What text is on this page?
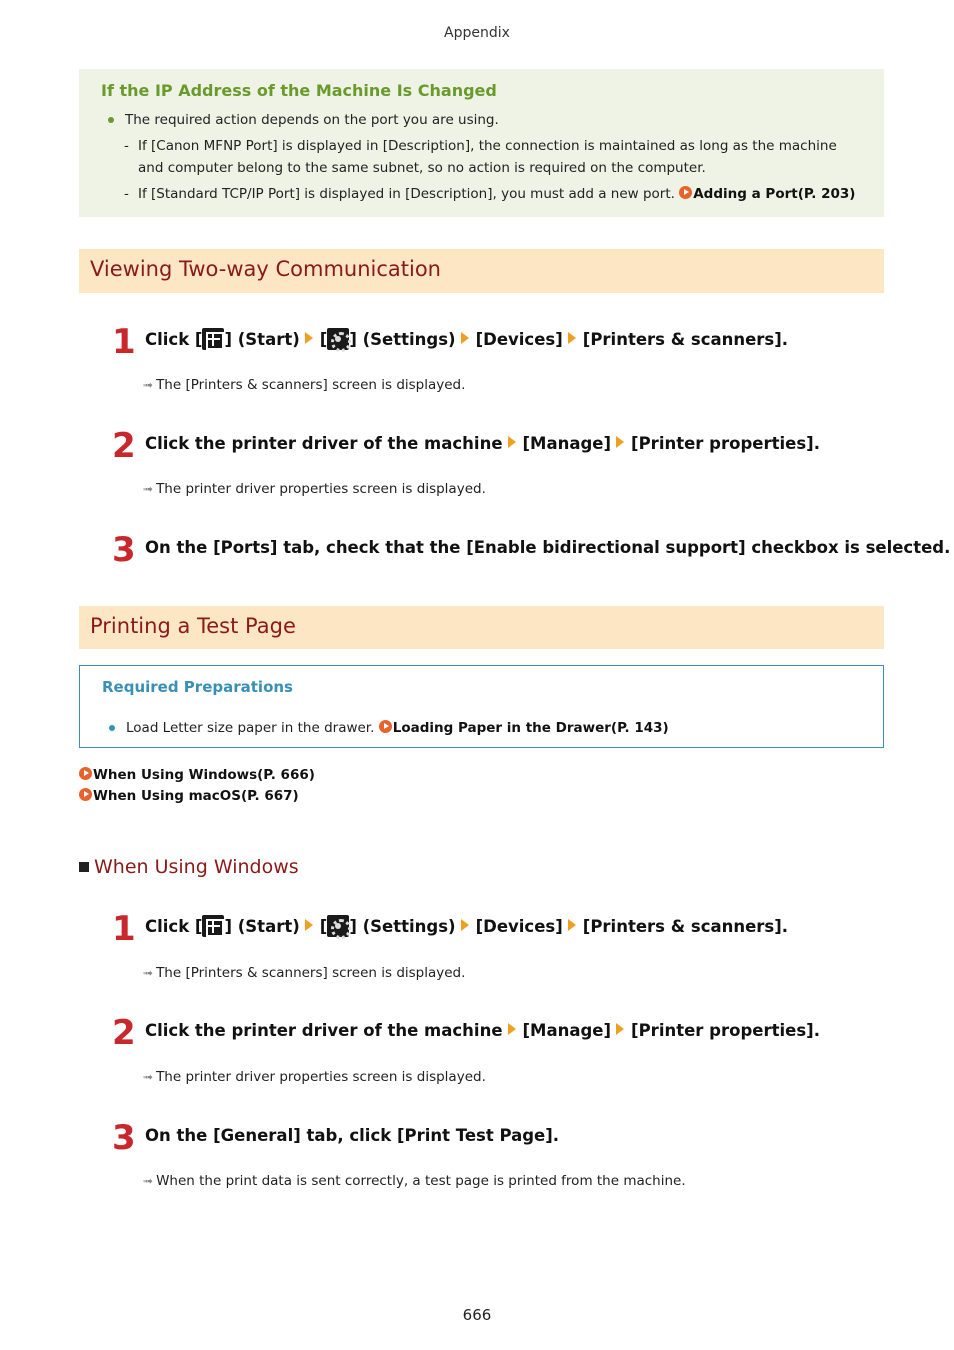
Appendix
If the IP Address of the Machine Is Changed
The required action depends on the port you are using.
- If [Canon MFNP Port] is displayed in [Description], the connection is maintained as long as the machine and computer belong to the same subnet, so no action is required on the computer.
- If [Standard TCP/IP Port] is displayed in [Description], you must add a new port. Adding a Port(P. 203)
Viewing Two-way Communication
1 Click [ ] (Start) [ ] (Settings) [Devices] [Printers & scanners].
➟ The [Printers & scanners] screen is displayed.
2 Click the printer driver of the machine [Manage] [Printer properties].
➟ The printer driver properties screen is displayed.
3 On the [Ports] tab, check that the [Enable bidirectional support] checkbox is selected.
Printing a Test Page
Required Preparations
Load Letter size paper in the drawer. Loading Paper in the Drawer(P. 143)
When Using Windows(P. 666)
When Using macOS(P. 667)
When Using Windows
1 Click [ ] (Start) [ ] (Settings) [Devices] [Printers & scanners].
➟ The [Printers & scanners] screen is displayed.
2 Click the printer driver of the machine [Manage] [Printer properties].
➟ The printer driver properties screen is displayed.
3 On the [General] tab, click [Print Test Page].
➟ When the print data is sent correctly, a test page is printed from the machine.
666
